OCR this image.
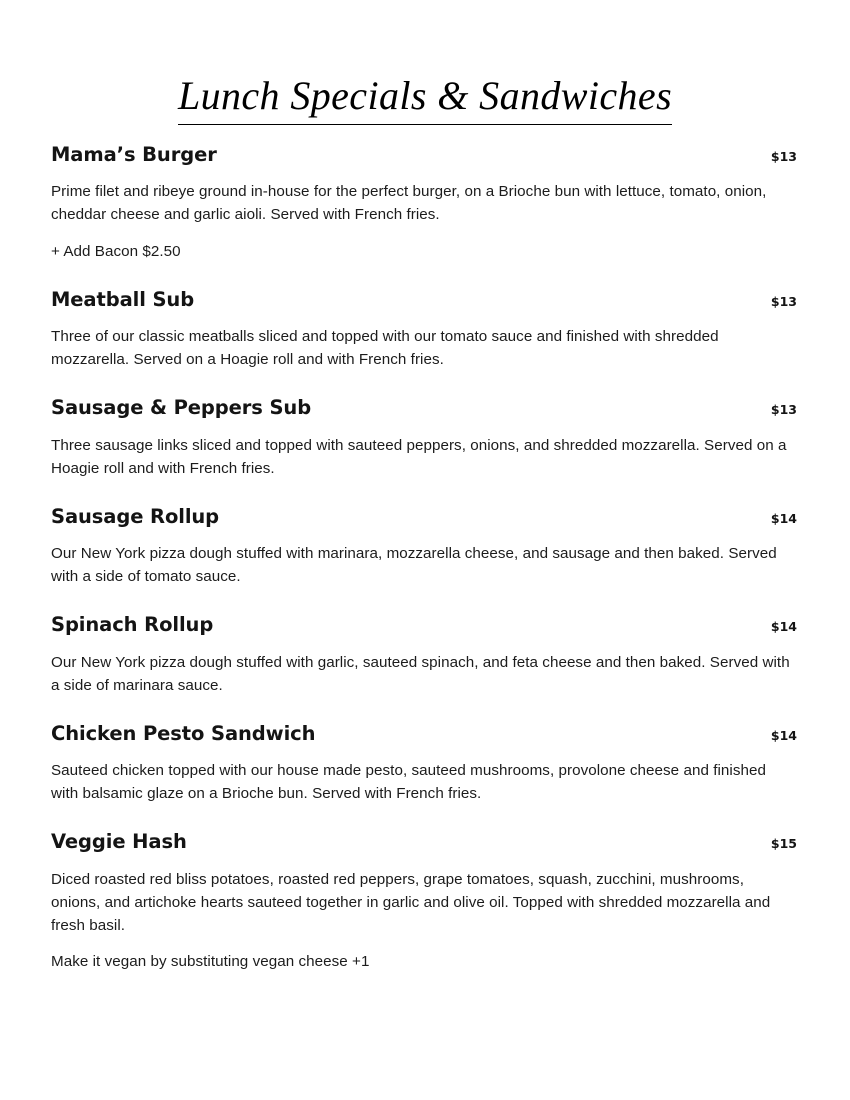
Lunch Specials & Sandwiches
Mama’s Burger	$13
Prime filet and ribeye ground in-house for the perfect burger, on a Brioche bun with lettuce, tomato, onion, cheddar cheese and garlic aioli. Served with French fries.
+ Add Bacon $2.50
Meatball Sub	$13
Three of our classic meatballs sliced and topped with our tomato sauce and finished with shredded mozzarella. Served on a Hoagie roll and with French fries.
Sausage & Peppers Sub	$13
Three sausage links sliced and topped with sauteed peppers, onions, and shredded mozzarella. Served on a Hoagie roll and with French fries.
Sausage Rollup	$14
Our New York pizza dough stuffed with marinara, mozzarella cheese, and sausage and then baked. Served with a side of tomato sauce.
Spinach Rollup	$14
Our New York pizza dough stuffed with garlic, sauteed spinach, and feta cheese and then baked. Served with a side of marinara sauce.
Chicken Pesto Sandwich	$14
Sauteed chicken topped with our house made pesto, sauteed mushrooms, provolone cheese and finished with balsamic glaze on a Brioche bun. Served with French fries.
Veggie Hash	$15
Diced roasted red bliss potatoes, roasted red peppers, grape tomatoes, squash, zucchini, mushrooms, onions, and artichoke hearts sauteed together in garlic and olive oil. Topped with shredded mozzarella and fresh basil.
Make it vegan by substituting vegan cheese +1
